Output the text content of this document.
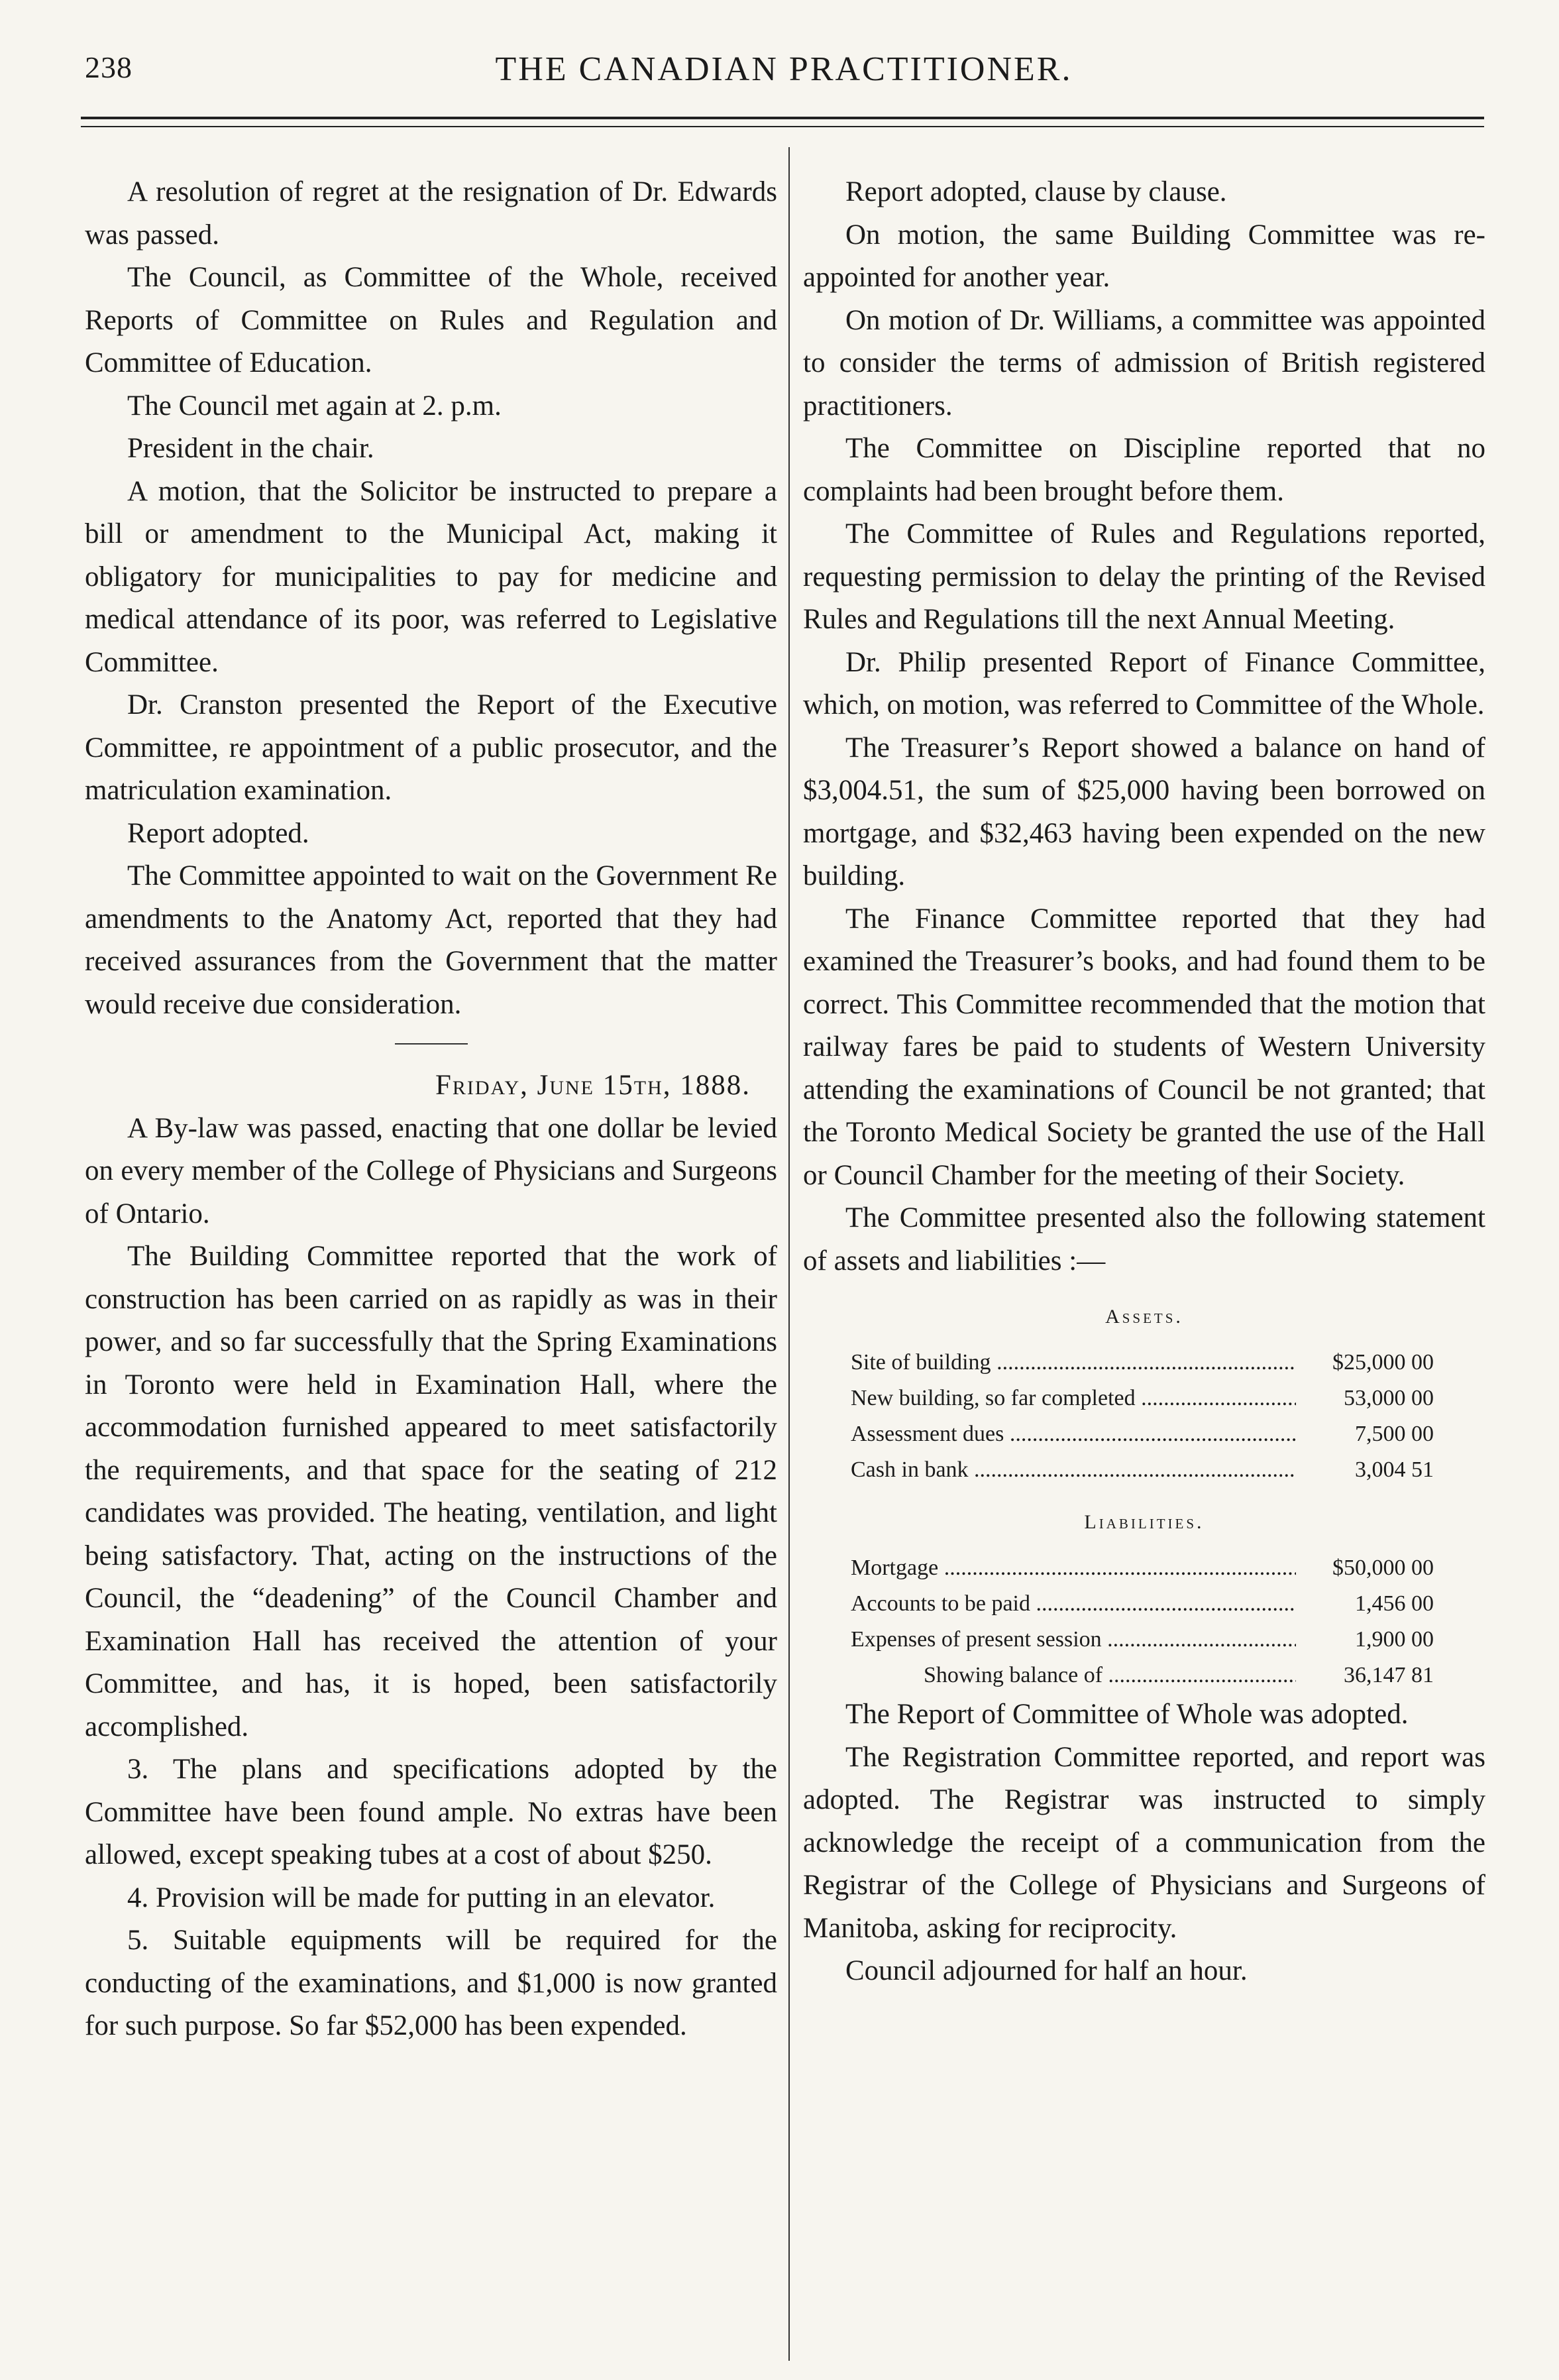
238	THE CANADIAN PRACTITIONER.

A resolution of regret at the resignation of Dr. Edwards was passed.

The Council, as Committee of the Whole, received Reports of Committee on Rules and Regulation and Committee of Education.

The Council met again at 2. p.m.

President in the chair.

A motion, that the Solicitor be instructed to prepare a bill or amendment to the Municipal Act, making it obligatory for municipalities to pay for medicine and medical attendance of its poor, was referred to Legislative Committee.

Dr. Cranston presented the Report of the Executive Committee, re appointment of a public prosecutor, and the matriculation examination.

Report adopted.

The Committee appointed to wait on the Government Re amendments to the Anatomy Act, reported that they had received assurances from the Government that the matter would receive due consideration.

Friday, June 15th, 1888.

A By-law was passed, enacting that one dollar be levied on every member of the College of Physicians and Surgeons of Ontario.

The Building Committee reported that the work of construction has been carried on as rapidly as was in their power, and so far successfully that the Spring Examinations in Toronto were held in Examination Hall, where the accommodation furnished appeared to meet satisfactorily the requirements, and that space for the seating of 212 candidates was provided. The heating, ventilation, and light being satisfactory. That, acting on the instructions of the Council, the “deadening” of the Council Chamber and Examination Hall has received the attention of your Committee, and has, it is hoped, been satisfactorily accomplished.

3. The plans and specifications adopted by the Committee have been found ample. No extras have been allowed, except speaking tubes at a cost of about $250.

4. Provision will be made for putting in an elevator.

5. Suitable equipments will be required for the conducting of the examinations, and $1,000 is now granted for such purpose. So far $52,000 has been expended.

Report adopted, clause by clause.

On motion, the same Building Committee was re-appointed for another year.

On motion of Dr. Williams, a committee was appointed to consider the terms of admission of British registered practitioners.

The Committee on Discipline reported that no complaints had been brought before them.

The Committee of Rules and Regulations reported, requesting permission to delay the printing of the Revised Rules and Regulations till the next Annual Meeting.

Dr. Philip presented Report of Finance Committee, which, on motion, was referred to Committee of the Whole.

The Treasurer’s Report showed a balance on hand of $3,004.51, the sum of $25,000 having been borrowed on mortgage, and $32,463 having been expended on the new building.

The Finance Committee reported that they had examined the Treasurer’s books, and had found them to be correct. This Committee recommended that the motion that railway fares be paid to students of Western University attending the examinations of Council be not granted; that the Toronto Medical Society be granted the use of the Hall or Council Chamber for the meeting of their Society.

The Committee presented also the following statement of assets and liabilities :—

Assets.
Site of building .....	$25,000 00
New building, so far completed .....	53,000 00
Assessment dues .....	7,500 00
Cash in bank .....	3,004 51
Liabilities.
Mortgage .....	$50,000 00
Accounts to be paid .....	1,456 00
Expenses of present session .....	1,900 00
Showing balance of .....	36,147 81

The Report of Committee of Whole was adopted.

The Registration Committee reported, and report was adopted. The Registrar was instructed to simply acknowledge the receipt of a communication from the Registrar of the College of Physicians and Surgeons of Manitoba, asking for reciprocity.

Council adjourned for half an hour.
